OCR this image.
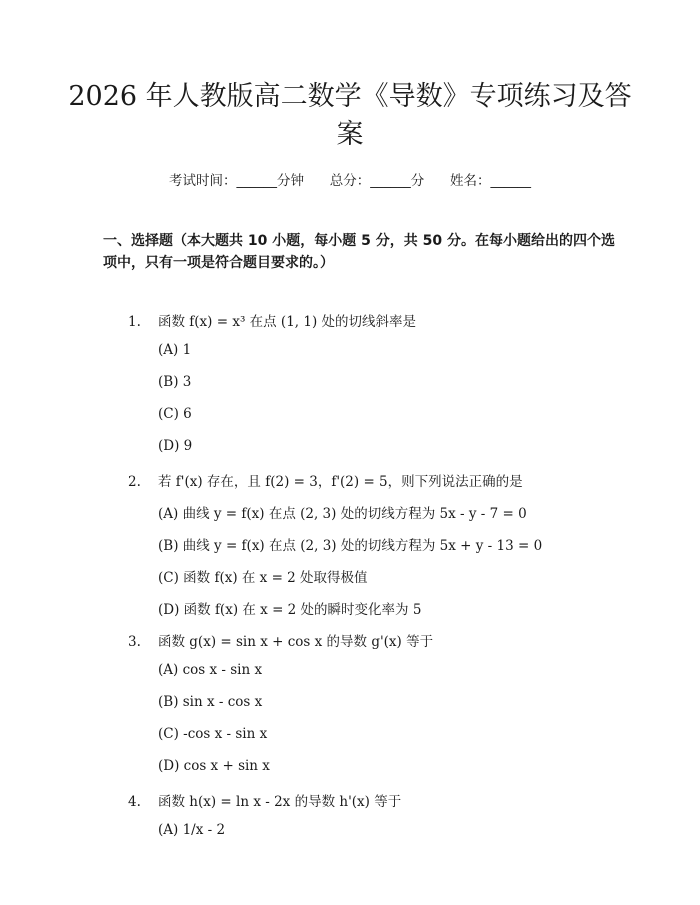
2026 年人教版高二数学《导数》专项练习及答案
考试时间：______分钟      总分：______分      姓名：______
一、选择题（本大题共 10 小题，每小题 5 分，共 50 分。在每小题给出的四个选项中，只有一项是符合题目要求的。）
1. 函数 f(x) = x³ 在点 (1, 1) 处的切线斜率是
(A) 1
(B) 3
(C) 6
(D) 9
2. 若 f'(x) 存在，且 f(2) = 3，f'(2) = 5，则下列说法正确的是
(A) 曲线 y = f(x) 在点 (2, 3) 处的切线方程为 5x - y - 7 = 0
(B) 曲线 y = f(x) 在点 (2, 3) 处的切线方程为 5x + y - 13 = 0
(C) 函数 f(x) 在 x = 2 处取得极值
(D) 函数 f(x) 在 x = 2 处的瞬时变化率为 5
3. 函数 g(x) = sin x + cos x 的导数 g'(x) 等于
(A) cos x - sin x
(B) sin x - cos x
(C) -cos x - sin x
(D) cos x + sin x
4. 函数 h(x) = ln x - 2x 的导数 h'(x) 等于
(A) 1/x - 2
